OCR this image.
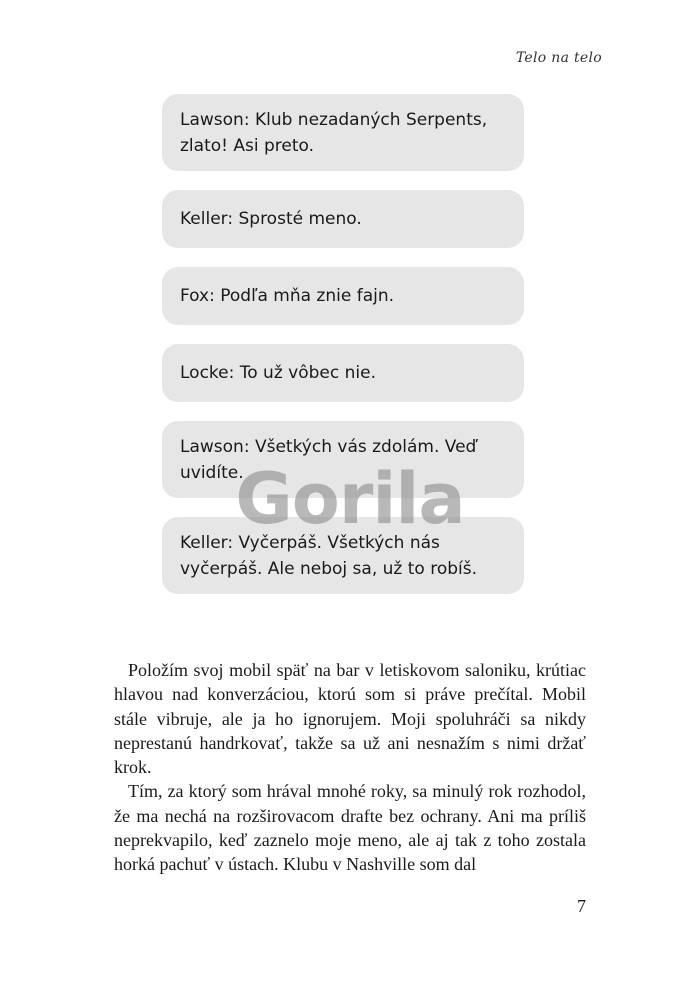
Telo na telo
Lawson: Klub nezadaných Serpents, zlato! Asi preto.
Keller: Sprosté meno.
Fox: Podľa mňa znie fajn.
Locke: To už vôbec nie.
Lawson: Všetkých vás zdolám. Veď uvidíte.
Keller: Vyčerpáš. Všetkých nás vyčerpáš. Ale neboj sa, už to robíš.
Gorila

Položím svoj mobil späť na bar v letiskovom saloniku, krútiac hlavou nad konverzáciou, ktorú som si práve prečítal. Mobil stále vibruje, ale ja ho ignorujem. Moji spoluhráči sa nikdy neprestanú handrkovať, takže sa už ani nesnažím s nimi držať krok.

Tím, za ktorý som hrával mnohé roky, sa minulý rok rozhodol, že ma nechá na rozširovacom drafte bez ochrany. Ani ma príliš neprekvapilo, keď zaznelo moje meno, ale aj tak z toho zostala horká pachuť v ústach. Klubu v Nashville som dal

7
